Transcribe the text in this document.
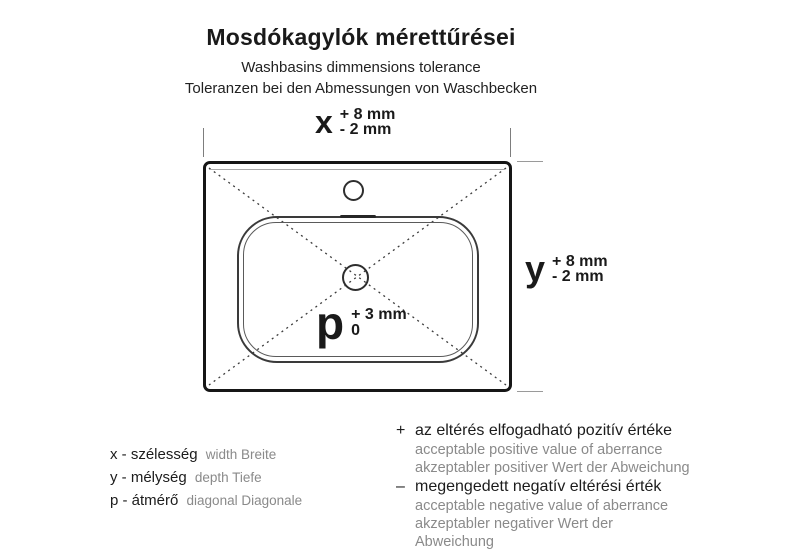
Mosdókagylók mérettűrései
Washbasins dimmensions tolerance
Toleranzen bei den Abmessungen von Waschbecken
x + 8 mm
- 2 mm
y + 8 mm
- 2 mm
p + 3 mm
0
x - szélesség width Breite
y - mélység depth Tiefe
p - átmérő diagonal Diagonale
+ az eltérés elfogadható pozitív értéke
acceptable positive value of aberrance
akzeptabler positiver Wert der Abweichung
– megengedett negatív eltérési érték
acceptable negative value of aberrance
akzeptabler negativer Wert der
Abweichung
